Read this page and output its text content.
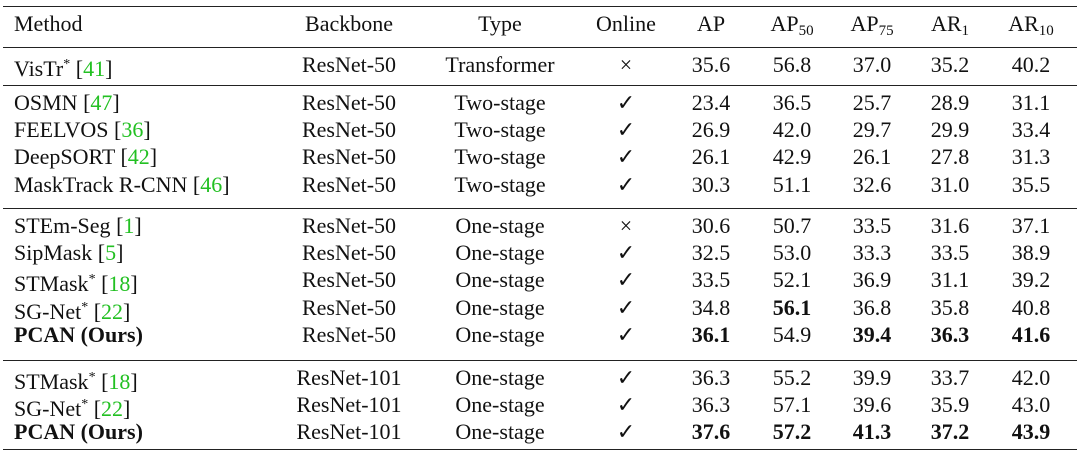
Method	Backbone	Type	Online	AP	$AP_{50}$	$AP_{75}$	$AR_1$	$AR_{10}$
VisTr* [41]	ResNet-50	Transformer	×	35.6	56.8	37.0	35.2	40.2
OSMN [47]	ResNet-50	Two-stage	✓	23.4	36.5	25.7	28.9	31.1
FEELVOS [36]	ResNet-50	Two-stage	✓	26.9	42.0	29.7	29.9	33.4
DeepSORT [42]	ResNet-50	Two-stage	✓	26.1	42.9	26.1	27.8	31.3
MaskTrack R-CNN [46]	ResNet-50	Two-stage	✓	30.3	51.1	32.6	31.0	35.5
STEm-Seg [1]	ResNet-50	One-stage	×	30.6	50.7	33.5	31.6	37.1
SipMask [5]	ResNet-50	One-stage	✓	32.5	53.0	33.3	33.5	38.9
STMask* [18]	ResNet-50	One-stage	✓	33.5	52.1	36.9	31.1	39.2
SG-Net* [22]	ResNet-50	One-stage	✓	34.8	56.1	36.8	35.8	40.8
PCAN (Ours)	ResNet-50	One-stage	✓	36.1	54.9	39.4	36.3	41.6
STMask* [18]	ResNet-101	One-stage	✓	36.3	55.2	39.9	33.7	42.0
SG-Net* [22]	ResNet-101	One-stage	✓	36.3	57.1	39.6	35.9	43.0
PCAN (Ours)	ResNet-101	One-stage	✓	37.6	57.2	41.3	37.2	43.9
